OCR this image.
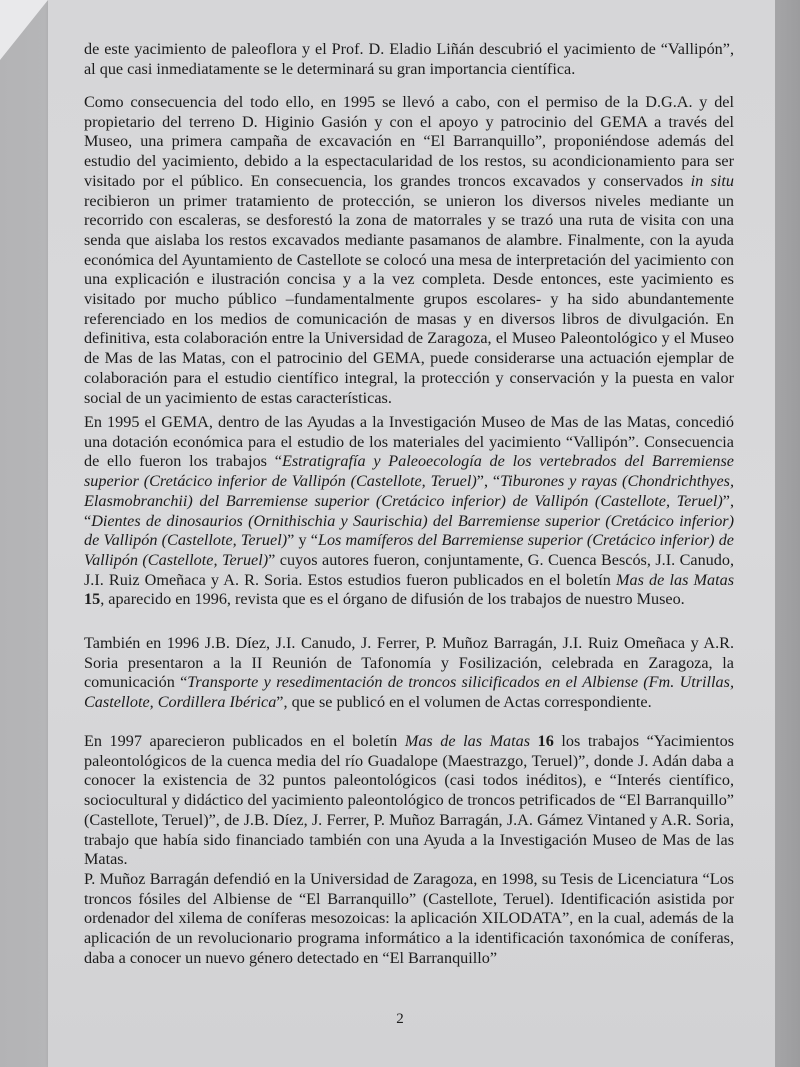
de este yacimiento de paleoflora y el Prof. D. Eladio Liñán descubrió el yacimiento de “Vallipón”, al que casi inmediatamente se le determinará su gran importancia científica.

Como consecuencia del todo ello, en 1995 se llevó a cabo, con el permiso de la D.G.A. y del propietario del terreno D. Higinio Gasión y con el apoyo y patrocinio del GEMA a través del Museo, una primera campaña de excavación en “El Barranquillo”, proponiéndose además del estudio del yacimiento, debido a la espectacularidad de los restos, su acondicionamiento para ser visitado por el público. En consecuencia, los grandes troncos excavados y conservados in situ recibieron un primer tratamiento de protección, se unieron los diversos niveles mediante un recorrido con escaleras, se desforestó la zona de matorrales y se trazó una ruta de visita con una senda que aislaba los restos excavados mediante pasamanos de alambre. Finalmente, con la ayuda económica del Ayuntamiento de Castellote se colocó una mesa de interpretación del yacimiento con una explicación e ilustración concisa y a la vez completa. Desde entonces, este yacimiento es visitado por mucho público –fundamentalmente grupos escolares- y ha sido abundantemente referenciado en los medios de comunicación de masas y en diversos libros de divulgación. En definitiva, esta colaboración entre la Universidad de Zaragoza, el Museo Paleontológico y el Museo de Mas de las Matas, con el patrocinio del GEMA, puede considerarse una actuación ejemplar de colaboración para el estudio científico integral, la protección y conservación y la puesta en valor social de un yacimiento de estas características.

En 1995 el GEMA, dentro de las Ayudas a la Investigación Museo de Mas de las Matas, concedió una dotación económica para el estudio de los materiales del yacimiento “Vallipón”. Consecuencia de ello fueron los trabajos “Estratigrafía y Paleoecología de los vertebrados del Barremiense superior (Cretácico inferior de Vallipón (Castellote, Teruel)”, “Tiburones y rayas (Chondrichthyes, Elasmobranchii) del Barremiense superior (Cretácico inferior) de Vallipón (Castellote, Teruel)”, “Dientes de dinosaurios (Ornithischia y Saurischia) del Barremiense superior (Cretácico inferior) de Vallipón (Castellote, Teruel)” y “Los mamíferos del Barremiense superior (Cretácico inferior) de Vallipón (Castellote, Teruel)” cuyos autores fueron, conjuntamente, G. Cuenca Bescós, J.I. Canudo, J.I. Ruiz Omeñaca y A. R. Soria. Estos estudios fueron publicados en el boletín Mas de las Matas 15, aparecido en 1996, revista que es el órgano de difusión de los trabajos de nuestro Museo.

También en 1996 J.B. Díez, J.I. Canudo, J. Ferrer, P. Muñoz Barragán, J.I. Ruiz Omeñaca y A.R. Soria presentaron a la II Reunión de Tafonomía y Fosilización, celebrada en Zaragoza, la comunicación “Transporte y resedimentación de troncos silicificados en el Albiense (Fm. Utrillas, Castellote, Cordillera Ibérica”, que se publicó en el volumen de Actas correspondiente.

En 1997 aparecieron publicados en el boletín Mas de las Matas 16 los trabajos “Yacimientos paleontológicos de la cuenca media del río Guadalope (Maestrazgo, Teruel)”, donde J. Adán daba a conocer la existencia de 32 puntos paleontológicos (casi todos inéditos), e “Interés científico, sociocultural y didáctico del yacimiento paleontológico de troncos petrificados de “El Barranquillo” (Castellote, Teruel)”, de J.B. Díez, J. Ferrer, P. Muñoz Barragán, J.A. Gámez Vintaned y A.R. Soria, trabajo que había sido financiado también con una Ayuda a la Investigación Museo de Mas de las Matas.

P. Muñoz Barragán defendió en la Universidad de Zaragoza, en 1998, su Tesis de Licenciatura “Los troncos fósiles del Albiense de “El Barranquillo” (Castellote, Teruel). Identificación asistida por ordenador del xilema de coníferas mesozoicas: la aplicación XILODATA”, en la cual, además de la aplicación de un revolucionario programa informático a la identificación taxonómica de coníferas, daba a conocer un nuevo género detectado en “El Barranquillo”

2
